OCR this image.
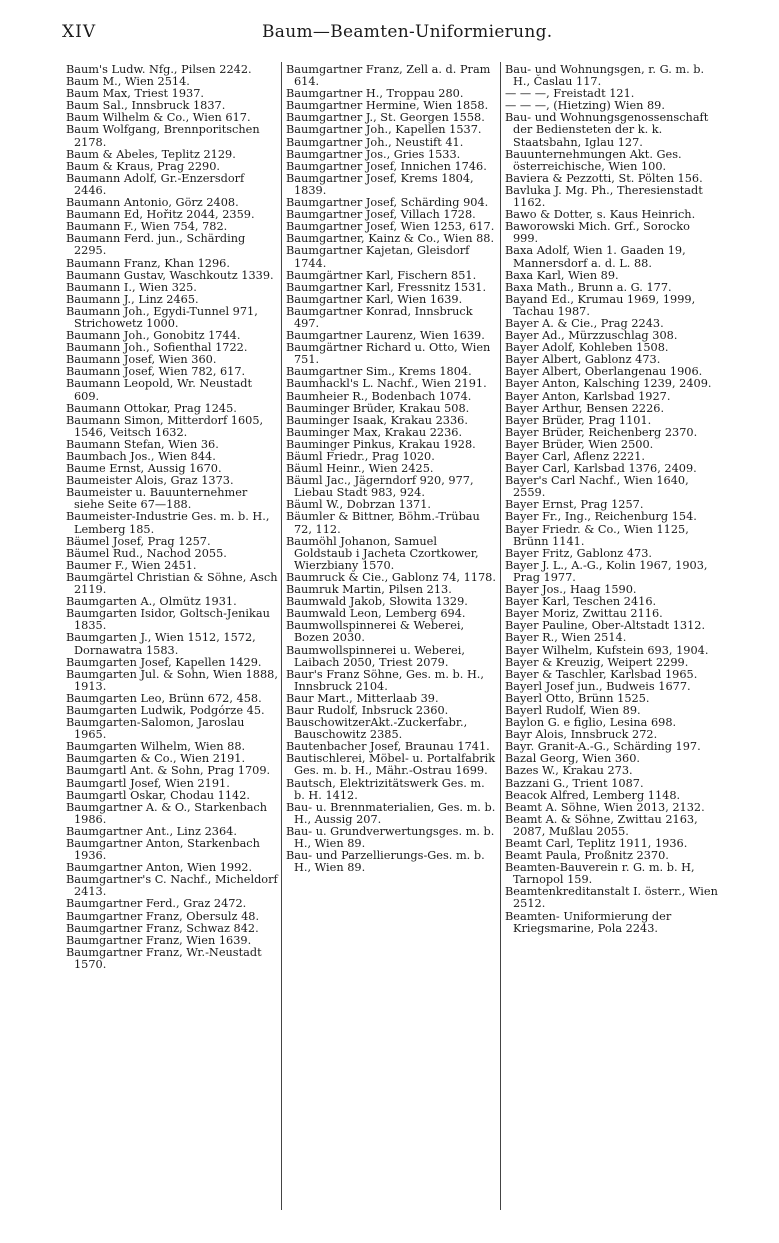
XIV	Baum—Beamten-Uniformierung.
Baum's Ludw. Nfg., Pilsen 2242.
Baum M., Wien 2514.
Baum Max, Triest 1937.
Baum Sal., Innsbruck 1837.
Baum Wilhelm & Co., Wien 617.
Baum Wolfgang, Brennporitschen 2178.
Baum & Abeles, Teplitz 2129.
Baum & Kraus, Prag 2290.
Baumann Adolf, Gr.-Enzersdorf 2446.
Baumann Antonio, Görz 2408.
Baumann Ed, Hořitz 2044, 2359.
Baumann F., Wien 754, 782.
Baumann Ferd. jun., Schärding 2295.
Baumann Franz, Khan 1296.
Baumann Gustav, Waschkoutz 1339.
Baumann I., Wien 325.
Baumann J., Linz 2465.
Baumann Joh., Egydi-Tunnel 971, Strichowetz 1000.
Baumann Joh., Gonobitz 1744.
Baumann Joh., Sofienthal 1722.
Baumann Josef, Wien 360.
Baumann Josef, Wien 782, 617.
Baumann Leopold, Wr. Neustadt 609.
Baumann Ottokar, Prag 1245.
Baumann Simon, Mitterdorf 1605, 1546, Veitsch 1632.
Baumann Stefan, Wien 36.
Baumbach Jos., Wien 844.
Baume Ernst, Aussig 1670.
Baumeister Alois, Graz 1373.
Baumeister u. Bauunternehmer siehe Seite 67—188.
Baumeister-Industrie Ges. m. b. H., Lemberg 185.
Bäumel Josef, Prag 1257.
Bäumel Rud., Nachod 2055.
Baumer F., Wien 2451.
Baumgärtel Christian & Söhne, Asch 2119.
Baumgarten A., Olmütz 1931.
Baumgarten Isidor, Goltsch-Jenikau 1835.
Baumgarten J., Wien 1512, 1572, Dornawatra 1583.
Baumgarten Josef, Kapellen 1429.
Baumgarten Jul. & Sohn, Wien 1888, 1913.
Baumgarten Leo, Brünn 672, 458.
Baumgarten Ludwik, Podgórze 45.
Baumgarten-Salomon, Jaroslau 1965.
Baumgarten Wilhelm, Wien 88.
Baumgarten & Co., Wien 2191.
Baumgartl Ant. & Sohn, Prag 1709.
Baumgartl Josef, Wien 2191.
Baumgartl Oskar, Chodau 1142.
Baumgartner A. & O., Starkenbach 1986.
Baumgartner Ant., Linz 2364.
Baumgartner Anton, Starkenbach 1936.
Baumgartner Anton, Wien 1992.
Baumgartner's C. Nachf., Micheldorf 2413.
Baumgartner Ferd., Graz 2472.
Baumgartner Franz, Obersulz 48.
Baumgartner Franz, Schwaz 842.
Baumgartner Franz, Wien 1639.
Baumgartner Franz, Wr.-Neustadt 1570.
Baumgartner Franz, Zell a. d. Pram 614.
Baumgartner H., Troppau 280.
Baumgartner Hermine, Wien 1858.
Baumgartner J., St. Georgen 1558.
Baumgartner Joh., Kapellen 1537.
Baumgartner Joh., Neustift 41.
Baumgartner Jos., Gries 1533.
Baumgartner Josef, Innichen 1746.
Baumgartner Josef, Krems 1804, 1839.
Baumgartner Josef, Schärding 904.
Baumgartner Josef, Villach 1728.
Baumgartner Josef, Wien 1253, 617.
Baumgartner, Kainz & Co., Wien 88.
Baumgartner Kajetan, Gleisdorf 1744.
Baumgärtner Karl, Fischern 851.
Baumgartner Karl, Fressnitz 1531.
Baumgartner Karl, Wien 1639.
Baumgartner Konrad, Innsbruck 497.
Baumgartner Laurenz, Wien 1639.
Baumgärtner Richard u. Otto, Wien 751.
Baumgartner Sim., Krems 1804.
Baumhackl's L. Nachf., Wien 2191.
Baumheier R., Bodenbach 1074.
Bauminger Brüder, Krakau 508.
Bauminger Isaak, Krakau 2336.
Bauminger Max, Krakau 2236.
Bauminger Pinkus, Krakau 1928.
Bäuml Friedr., Prag 1020.
Bäuml Heinr., Wien 2425.
Bäuml Jac., Jägerndorf 920, 977, Liebau Stadt 983, 924.
Bäuml W., Dobrzan 1371.
Bäumler & Bittner, Böhm.-Trübau 72, 112.
Baumöhl Johanon, Samuel Goldstaub i Jacheta Czortkower, Wierzbiany 1570.
Baumruck & Cie., Gablonz 74, 1178.
Baumruk Martin, Pilsen 213.
Baumwald Jakob, Słowita 1329.
Baumwald Leon, Lemberg 694.
Baumwollspinnerei & Weberei, Bozen 2030.
Baumwollspinnerei u. Weberei, Laibach 2050, Triest 2079.
Baur's Franz Söhne, Ges. m. b. H., Innsbruck 2104.
Baur Mart., Mitterlaab 39.
Baur Rudolf, Inbsruck 2360.
BauschowitzerAkt.-Zuckerfabr., Bauschowitz 2385.
Bautenbacher Josef, Braunau 1741.
Bautischlerei, Möbel- u. Portalfabrik Ges. m. b. H., Mähr.-Ostrau 1699.
Bautsch, Elektrizitätswerk Ges. m. b. H. 1412.
Bau- u. Brennmaterialien, Ges. m. b. H., Aussig 207.
Bau- u. Grundverwertungsges. m. b. H., Wien 89.
Bau- und Parzellierungs-Ges. m. b. H., Wien 89.
Bau- und Wohnungsgen, r. G. m. b. H., Časlau 117.
— — —, Freistadt 121.
— — —, (Hietzing) Wien 89.
Bau- und Wohnungsgenossenschaft der Bediensteten der k. k. Staatsbahn, Iglau 127.
Bauunternehmungen Akt. Ges. österreichische, Wien 100.
Baviera & Pezzotti, St. Pölten 156.
Bavluka J. Mg. Ph., Theresienstadt 1162.
Bawo & Dotter, s. Kaus Heinrich.
Baworowski Mich. Grf., Sorocko 999.
Baxa Adolf, Wien 1. Gaaden 19, Mannersdorf a. d. L. 88.
Baxa Karl, Wien 89.
Baxa Math., Brunn a. G. 177.
Bayand Ed., Krumau 1969, 1999, Tachau 1987.
Bayer A. & Cie., Prag 2243.
Bayer Ad., Mürzzuschlag 308.
Bayer Adolf, Kohleben 1508.
Bayer Albert, Gablonz 473.
Bayer Albert, Oberlangenau 1906.
Bayer Anton, Kalsching 1239, 2409.
Bayer Anton, Karlsbad 1927.
Bayer Arthur, Bensen 2226.
Bayer Brüder, Prag 1101.
Bayer Brüder, Reichenberg 2370.
Bayer Brüder, Wien 2500.
Bayer Carl, Aflenz 2221.
Bayer Carl, Karlsbad 1376, 2409.
Bayer's Carl Nachf., Wien 1640, 2559.
Bayer Ernst, Prag 1257.
Bayer Fr., Ing., Reichenburg 154.
Bayer Friedr. & Co., Wien 1125, Brünn 1141.
Bayer Fritz, Gablonz 473.
Bayer J. L., A.-G., Kolin 1967, 1903, Prag 1977.
Bayer Jos., Haag 1590.
Bayer Karl, Teschen 2416.
Bayer Moriz, Zwittau 2116.
Bayer Pauline, Ober-Altstadt 1312.
Bayer R., Wien 2514.
Bayer Wilhelm, Kufstein 693, 1904.
Bayer & Kreuzig, Weipert 2299.
Bayer & Taschler, Karlsbad 1965.
Bayerl Josef jun., Budweis 1677.
Bayerl Otto, Brünn 1525.
Bayerl Rudolf, Wien 89.
Baylon G. e figlio, Lesina 698.
Bayr Alois, Innsbruck 272.
Bayr. Granit-A.-G., Schärding 197.
Bazal Georg, Wien 360.
Bazes W., Krakau 273.
Bazzani G., Trient 1087.
Beacok Alfred, Lemberg 1148.
Beamt A. Söhne, Wien 2013, 2132.
Beamt A. & Söhne, Zwittau 2163, 2087, Mußlau 2055.
Beamt Carl, Teplitz 1911, 1936.
Beamt Paula, Proßnitz 2370.
Beamten-Bauverein r. G. m. b. H, Tarnopol 159.
Beamtenkreditanstalt I. österr., Wien 2512.
Beamten- Uniformierung der Kriegsmarine, Pola 2243.
